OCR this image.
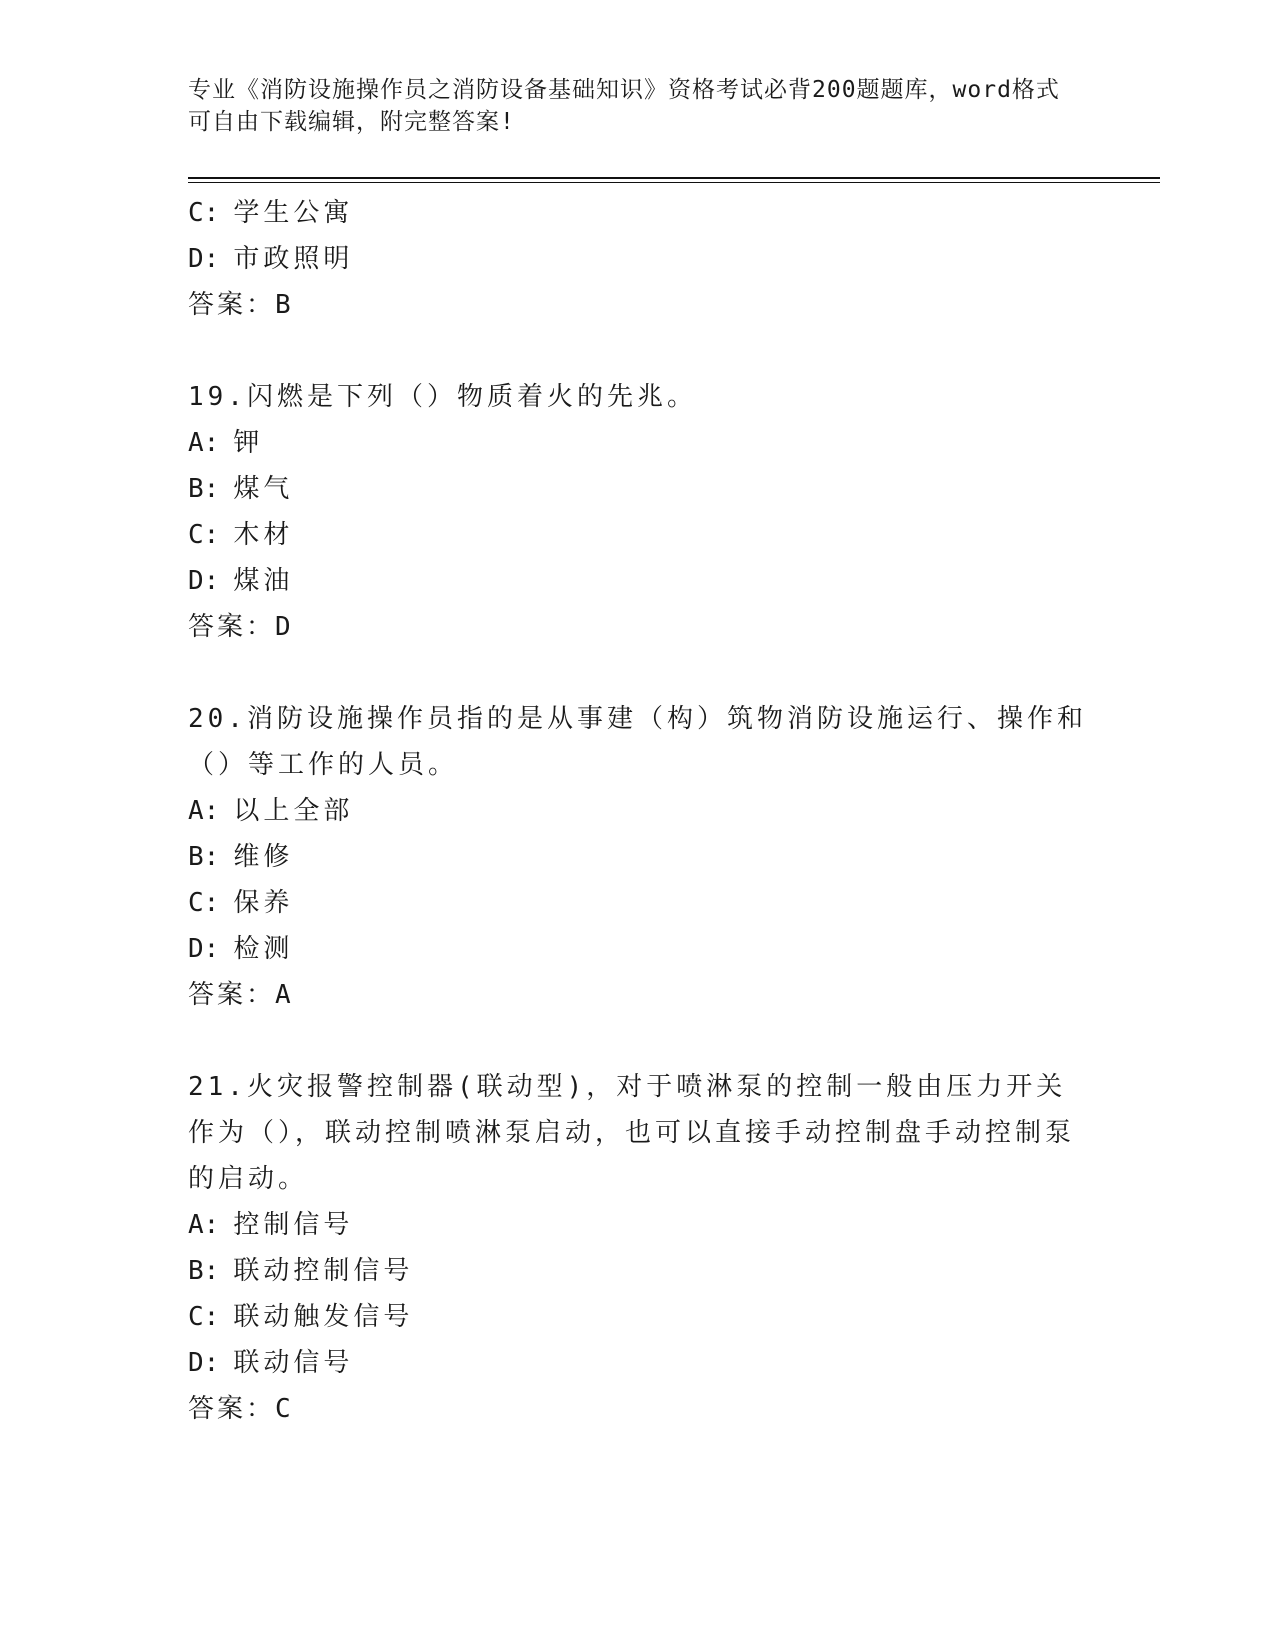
专业《消防设施操作员之消防设备基础知识》资格考试必背200题题库，word格式可自由下载编辑，附完整答案!
C: 学生公寓
D: 市政照明
答案：B
19.闪燃是下列（）物质着火的先兆。
A: 钾
B: 煤气
C: 木材
D: 煤油
答案：D
20.消防设施操作员指的是从事建（构）筑物消防设施运行、操作和（）等工作的人员。
A: 以上全部
B: 维修
C: 保养
D: 检测
答案：A
21.火灾报警控制器(联动型)，对于喷淋泵的控制一般由压力开关作为（），联动控制喷淋泵启动，也可以直接手动控制盘手动控制泵的启动。
A: 控制信号
B: 联动控制信号
C: 联动触发信号
D: 联动信号
答案：C
